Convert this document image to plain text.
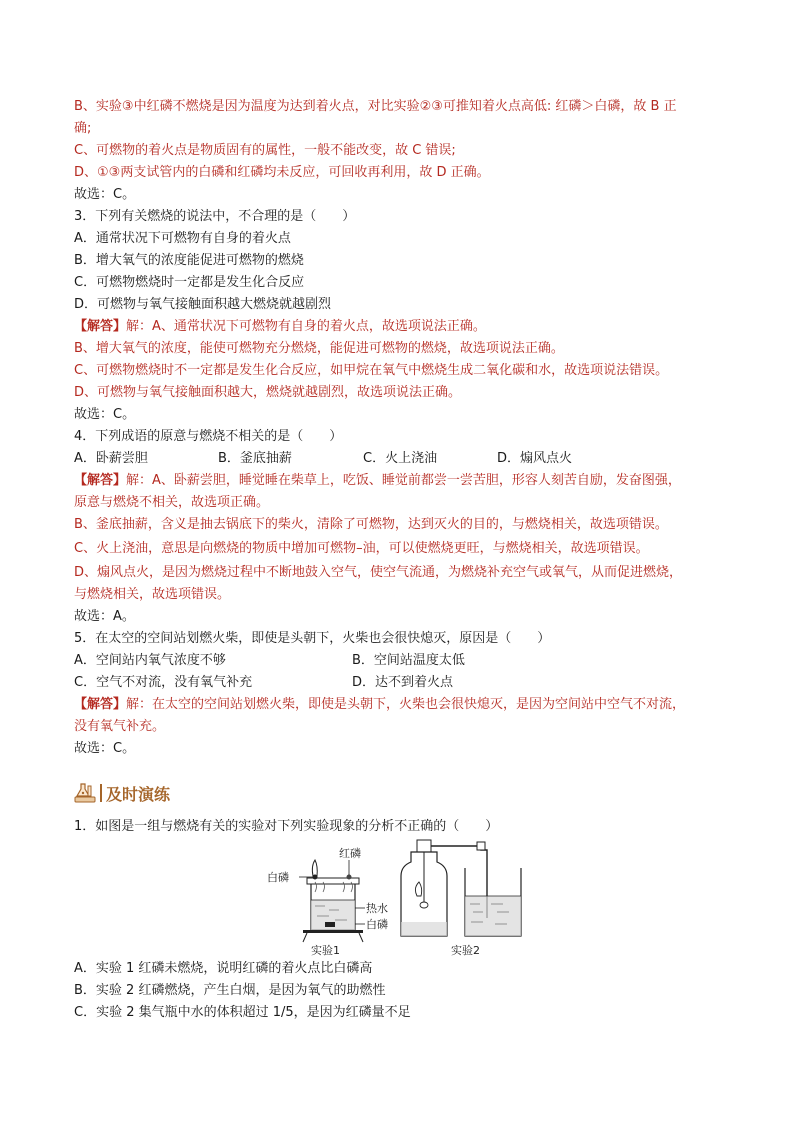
B、实验③中红磷不燃烧是因为温度为达到着火点，对比实验②③可推知着火点高低: 红磷＞白磷，故 B 正
确;
C、可燃物的着火点是物质固有的属性，一般不能改变，故 C 错误;
D、①③两支试管内的白磷和红磷均未反应，可回收再利用，故 D 正确。
故选：C。
3．下列有关燃烧的说法中，不合理的是（　　）
A．通常状况下可燃物有自身的着火点
B．增大氧气的浓度能促进可燃物的燃烧
C．可燃物燃烧时一定都是发生化合反应
D．可燃物与氧气接触面积越大燃烧就越剧烈
【解答】解：A、通常状况下可燃物有自身的着火点，故选项说法正确。
B、增大氧气的浓度，能使可燃物充分燃烧，能促进可燃物的燃烧，故选项说法正确。
C、可燃物燃烧时不一定都是发生化合反应，如甲烷在氧气中燃烧生成二氧化碳和水，故选项说法错误。
D、可燃物与氧气接触面积越大，燃烧就越剧烈，故选项说法正确。
故选：C。
4．下列成语的原意与燃烧不相关的是（　　）
A．卧薪尝胆	B．釜底抽薪	C．火上浇油	D．煽风点火
【解答】解：A、卧薪尝胆，睡觉睡在柴草上，吃饭、睡觉前都尝一尝苦胆，形容人刻苦自励，发奋图强，
原意与燃烧不相关，故选项正确。
B、釜底抽薪，含义是抽去锅底下的柴火，清除了可燃物，达到灭火的目的，与燃烧相关，故选项错误。
C、火上浇油，意思是向燃烧的物质中增加可燃物–油，可以使燃烧更旺，与燃烧相关，故选项错误。
D、煽风点火，是因为燃烧过程中不断地鼓入空气，使空气流通，为燃烧补充空气或氧气，从而促进燃烧，
与燃烧相关，故选项错误。
故选：A。
5．在太空的空间站划燃火柴，即使是头朝下，火柴也会很快熄灭，原因是（　　）
A．空间站内氧气浓度不够	B．空间站温度太低
C．空气不对流，没有氧气补充	D．达不到着火点
【解答】解：在太空的空间站划燃火柴，即使是头朝下，火柴也会很快熄灭，是因为空间站中空气不对流，
没有氧气补充。
故选：C。
及时演练
1．如图是一组与燃烧有关的实验对下列实验现象的分析不正确的（　　）
白磷
红磷
热水
白磷
实验1	实验2
A．实验 1 红磷未燃烧，说明红磷的着火点比白磷高
B．实验 2 红磷燃烧，产生白烟，是因为氧气的助燃性
C．实验 2 集气瓶中水的体积超过 1/5，是因为红磷量不足
